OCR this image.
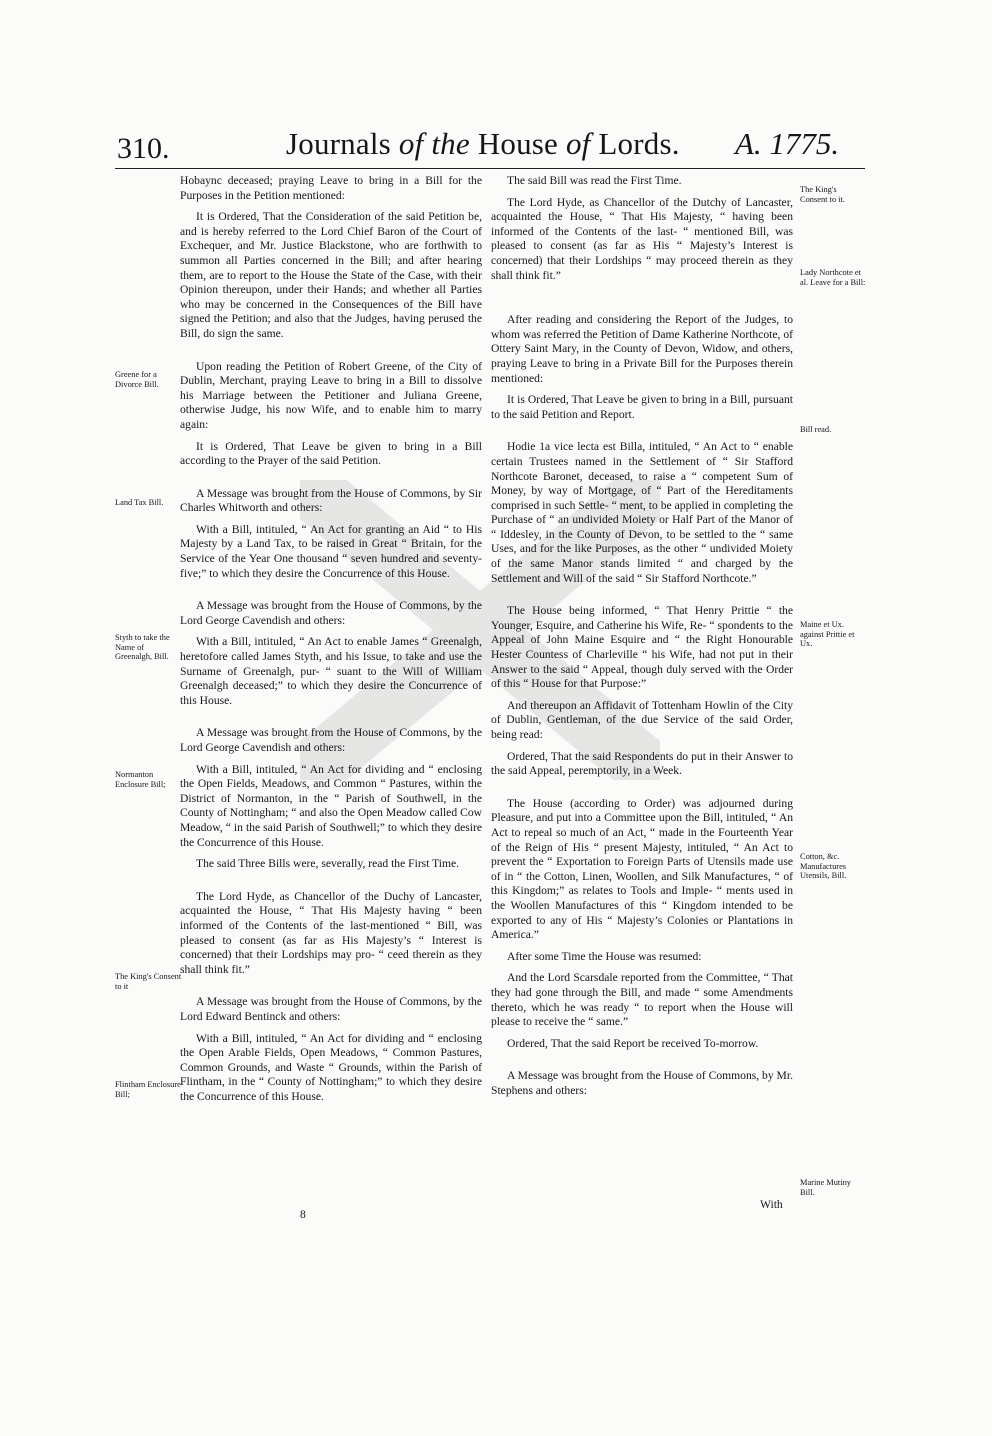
310.	Journals of the House of Lords. A. 1775.

Hobaync deceased; praying Leave to bring in a Bill for the Purposes in the Petition mentioned:

It is Ordered, That the Consideration of the said Petition be, and is hereby referred to the Lord Chief Baron of the Court of Exchequer, and Mr. Justice Blackstone, who are forthwith to summon all Parties concerned in the Bill; and after hearing them, are to report to the House the State of the Case, with their Opinion thereupon, under their Hands; and whether all Parties who may be concerned in the Consequences of the Bill have signed the Petition; and also that the Judges, having perused the Bill, do sign the same.

Upon reading the Petition of Robert Greene, of the City of Dublin, Merchant, praying Leave to bring in a Bill to dissolve his Marriage between the Petitioner and Juliana Greene, otherwise Judge, his now Wife, and to enable him to marry again:

It is Ordered, That Leave be given to bring in a Bill according to the Prayer of the said Petition.

A Message was brought from the House of Commons, by Sir Charles Whitworth and others:

With a Bill, intituled, “ An Act for granting an Aid “ to His Majesty by a Land Tax, to be raised in Great “ Britain, for the Service of the Year One thousand “ seven hundred and seventy-five;” to which they desire the Concurrence of this House.

A Message was brought from the House of Commons, by the Lord George Cavendish and others:

With a Bill, intituled, “ An Act to enable James “ Greenalgh, heretofore called James Styth, and his Issue, to take and use the Surname of Greenalgh, pur- “ suant to the Will of William Greenalgh deceased;” to which they desire the Concurrence of this House.

A Message was brought from the House of Commons, by the Lord George Cavendish and others:

With a Bill, intituled, “ An Act for dividing and “ enclosing the Open Fields, Meadows, and Common “ Pastures, within the District of Normanton, in the “ Parish of Southwell, in the County of Nottingham; “ and also the Open Meadow called Cow Meadow, “ in the said Parish of Southwell;” to which they desire the Concurrence of this House.

The said Three Bills were, severally, read the First Time.

The Lord Hyde, as Chancellor of the Duchy of Lancaster, acquainted the House, “ That His Majesty having “ been informed of the Contents of the last-mentioned “ Bill, was pleased to consent (as far as His Majesty’s “ Interest is concerned) that their Lordships may pro- “ ceed therein as they shall think fit.”

A Message was brought from the House of Commons, by the Lord Edward Bentinck and others:

With a Bill, intituled, “ An Act for dividing and “ enclosing the Open Arable Fields, Open Meadows, “ Common Pastures, Common Grounds, and Waste “ Grounds, within the Parish of Flintham, in the “ County of Nottingham;” to which they desire the Concurrence of this House.

The said Bill was read the First Time.

The Lord Hyde, as Chancellor of the Dutchy of Lancaster, acquainted the House, “ That His Majesty, “ having been informed of the Contents of the last- “ mentioned Bill, was pleased to consent (as far as His “ Majesty’s Interest is concerned) that their Lordships “ may proceed therein as they shall think fit.”

After reading and considering the Report of the Judges, to whom was referred the Petition of Dame Katherine Northcote, of Ottery Saint Mary, in the County of Devon, Widow, and others, praying Leave to bring in a Private Bill for the Purposes therein mentioned:

It is Ordered, That Leave be given to bring in a Bill, pursuant to the said Petition and Report.

Hodie 1a vice lecta est Billa, intituled, “ An Act to “ enable certain Trustees named in the Settlement of “ Sir Stafford Northcote Baronet, deceased, to raise a “ competent Sum of Money, by way of Mortgage, of “ Part of the Hereditaments comprised in such Settle- “ ment, to be applied in completing the Purchase of “ an undivided Moiety or Half Part of the Manor of “ Iddesley, in the County of Devon, to be settled to the “ same Uses, and for the like Purposes, as the other “ undivided Moiety of the same Manor stands limited “ and charged by the Settlement and Will of the said “ Sir Stafford Northcote.”

The House being informed, “ That Henry Prittie “ the Younger, Esquire, and Catherine his Wife, Re- “ spondents to the Appeal of John Maine Esquire and “ the Right Honourable Hester Countess of Charleville “ his Wife, had not put in their Answer to the said “ Appeal, though duly served with the Order of this “ House for that Purpose:”

And thereupon an Affidavit of Tottenham Howlin of the City of Dublin, Gentleman, of the due Service of the said Order, being read:

Ordered, That the said Respondents do put in their Answer to the said Appeal, peremptorily, in a Week.

The House (according to Order) was adjourned during Pleasure, and put into a Committee upon the Bill, intituled, “ An Act to repeal so much of an Act, “ made in the Fourteenth Year of the Reign of His “ present Majesty, intituled, “ An Act to prevent the “ Exportation to Foreign Parts of Utensils made use of in “ the Cotton, Linen, Woollen, and Silk Manufactures, “ of this Kingdom;” as relates to Tools and Imple- “ ments used in the Woollen Manufactures of this “ Kingdom intended to be exported to any of His “ Majesty’s Colonies or Plantations in America.”

After some Time the House was resumed:

And the Lord Scarsdale reported from the Committee, “ That they had gone through the Bill, and made “ some Amendments thereto, which he was ready “ to report when the House will please to receive the “ same.”

Ordered, That the said Report be received To-morrow.

A Message was brought from the House of Commons, by Mr. Stephens and others:

Greene for a Divorce Bill.
Land Tax Bill.
Styth to take the Name of Greenalgh, Bill.
Normanton Enclosure Bill;
The King's Consent to it
Flintham Enclosure Bill;
The King's Consent to it.
Lady Northcote et al. Leave for a Bill:
Bill read.
Maine et Ux. against Prittie et Ux.
Cotton, &c. Manufactures Utensils, Bill.
Marine Mutiny Bill.
8
With
